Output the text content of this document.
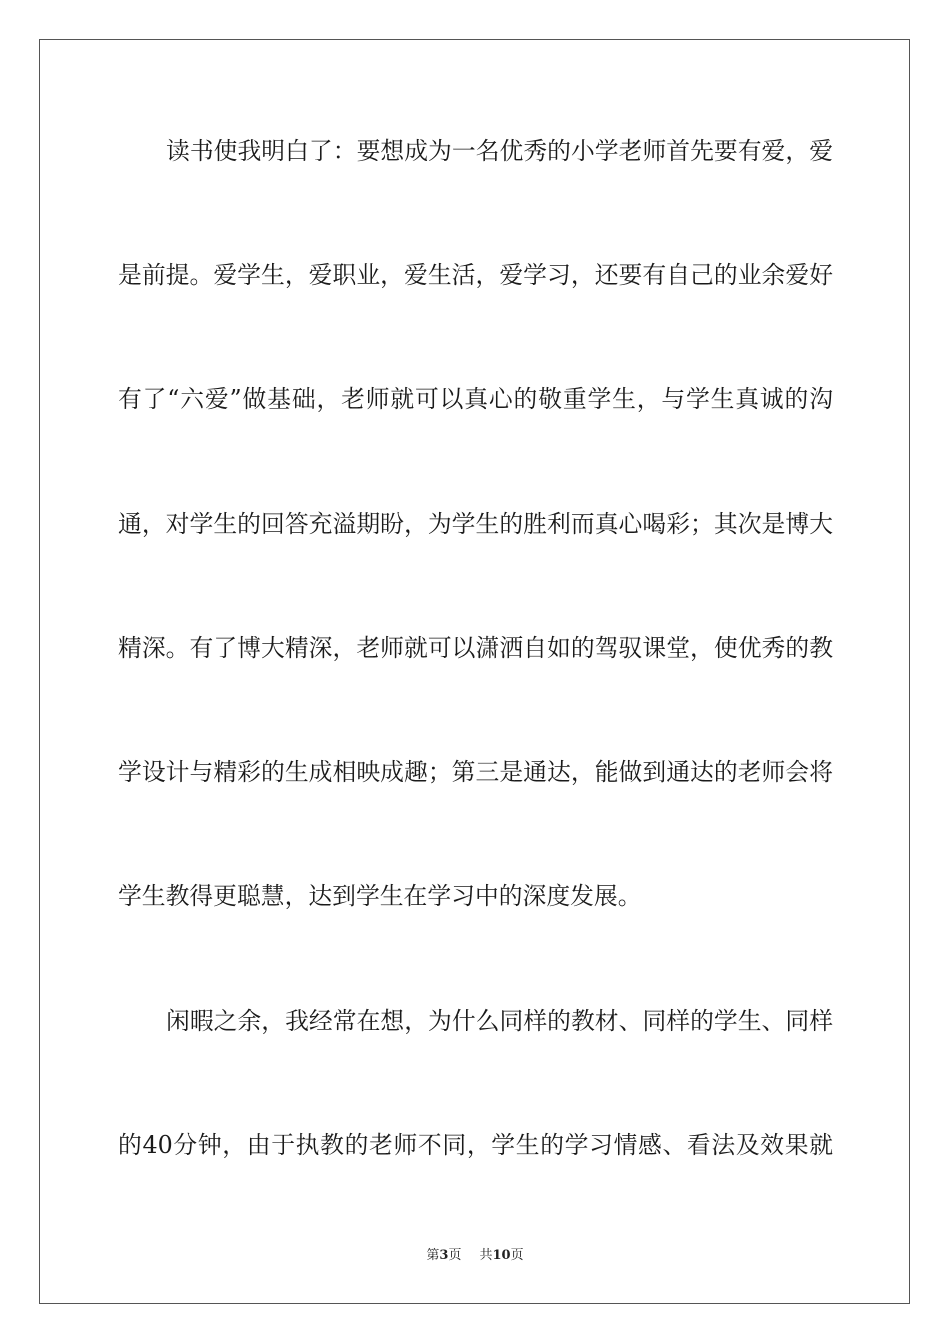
读书使我明白了：要想成为一名优秀的小学老师首先要有爱，爱
是前提。爱学生，爱职业，爱生活，爱学习，还要有自己的业余爱好
有了“六爱”做基础，老师就可以真心的敬重学生，与学生真诚的沟
通，对学生的回答充溢期盼，为学生的胜利而真心喝彩；其次是博大
精深。有了博大精深，老师就可以潇洒自如的驾驭课堂，使优秀的教
学设计与精彩的生成相映成趣；第三是通达，能做到通达的老师会将
学生教得更聪慧，达到学生在学习中的深度发展。
闲暇之余，我经常在想，为什么同样的教材、同样的学生、同样
的40分钟，由于执教的老师不同，学生的学习情感、看法及效果就
第3页 共10页
